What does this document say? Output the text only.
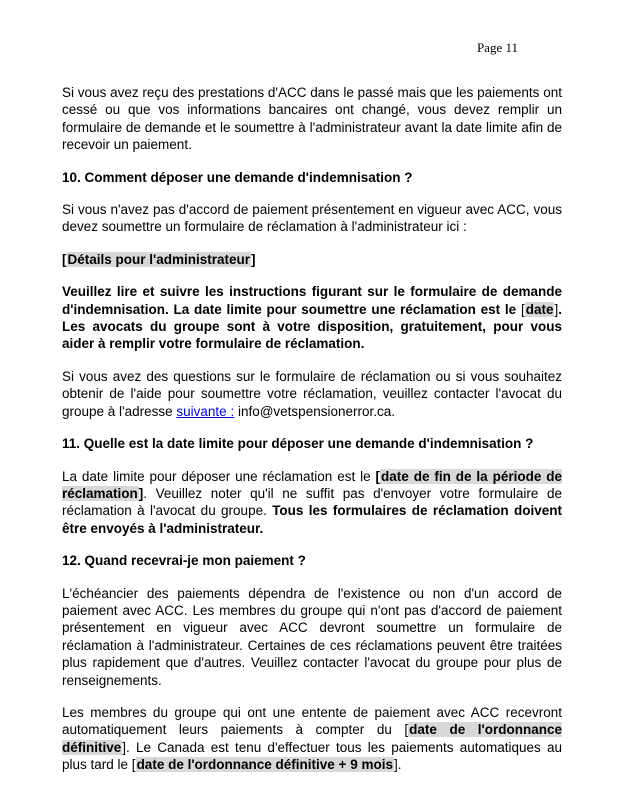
Page 11

Si vous avez reçu des prestations d'ACC dans le passé mais que les paiements ont cessé ou que vos informations bancaires ont changé, vous devez remplir un formulaire de demande et le soumettre à l'administrateur avant la date limite afin de recevoir un paiement.

10. Comment déposer une demande d'indemnisation ?

Si vous n'avez pas d'accord de paiement présentement en vigueur avec ACC, vous devez soumettre un formulaire de réclamation à l'administrateur ici :

[Détails pour l'administrateur]

Veuillez lire et suivre les instructions figurant sur le formulaire de demande d'indemnisation. La date limite pour soumettre une réclamation est le [date]. Les avocats du groupe sont à votre disposition, gratuitement, pour vous aider à remplir votre formulaire de réclamation.

Si vous avez des questions sur le formulaire de réclamation ou si vous souhaitez obtenir de l'aide pour soumettre votre réclamation, veuillez contacter l'avocat du groupe à l'adresse suivante : info@vetspensionerror.ca.

11. Quelle est la date limite pour déposer une demande d'indemnisation ?

La date limite pour déposer une réclamation est le [date de fin de la période de réclamation]. Veuillez noter qu'il ne suffit pas d'envoyer votre formulaire de réclamation à l'avocat du groupe. Tous les formulaires de réclamation doivent être envoyés à l'administrateur.

12. Quand recevrai-je mon paiement ?

L'échéancier des paiements dépendra de l'existence ou non d'un accord de paiement avec ACC. Les membres du groupe qui n'ont pas d'accord de paiement présentement en vigueur avec ACC devront soumettre un formulaire de réclamation à l'administrateur. Certaines de ces réclamations peuvent être traitées plus rapidement que d'autres. Veuillez contacter l'avocat du groupe pour plus de renseignements.

Les membres du groupe qui ont une entente de paiement avec ACC recevront automatiquement leurs paiements à compter du [date de l'ordonnance définitive]. Le Canada est tenu d'effectuer tous les paiements automatiques au plus tard le [date de l'ordonnance définitive + 9 mois].
